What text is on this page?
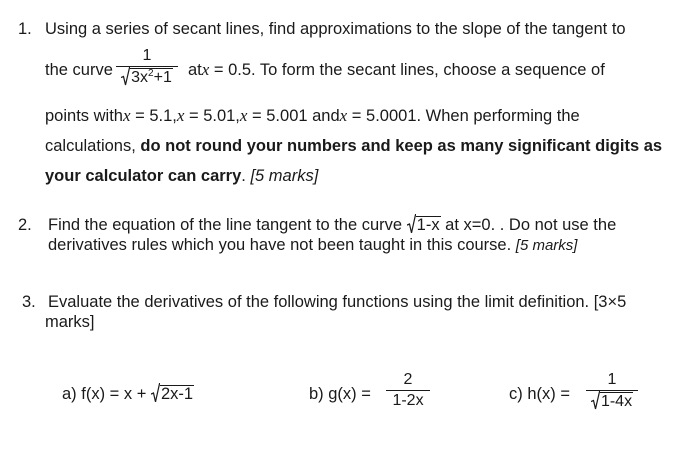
1. Using a series of secant lines, find approximations to the slope of the tangent to
the curve
1
$3x^2+1$ atx = 0.5. To form the secant lines, choose a sequence of
points withx = 5.1,x = 5.01,x = 5.001 andx = 5.0001. When performing the
calculations, do not round your numbers and keep as many significant digits as
your calculator can carry. [5 marks]
2. Find the equation of the line tangent to the curve
1-x at x=0. . Do not use the
derivatives rules which you have not been taught in this course. [5 marks]
3. Evaluate the derivatives of the following functions using the limit definition. [3×5
marks]
a) f(x) = x +
2x-1	b) g(x) =
2
1-2x	c) h(x) =
1
1-4x
